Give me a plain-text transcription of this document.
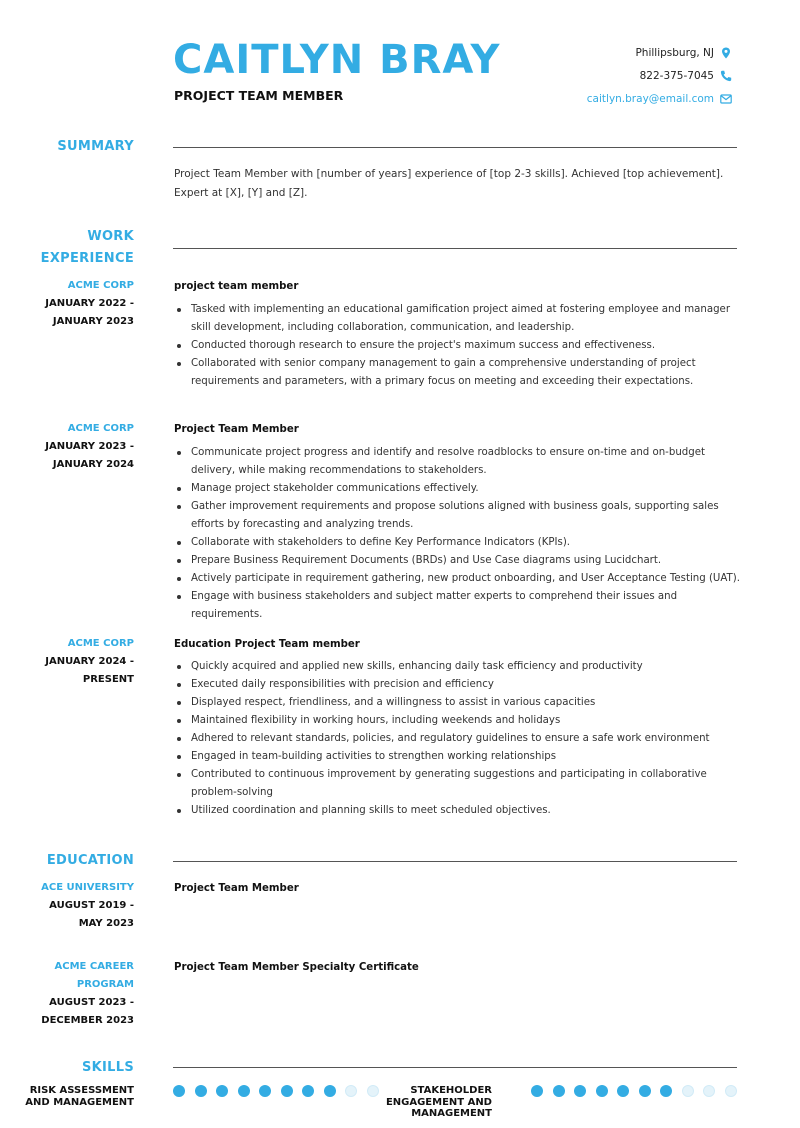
CAITLYN BRAY
PROJECT TEAM MEMBER
Phillipsburg, NJ
822-375-7045
caitlyn.bray@email.com
SUMMARY
Project Team Member with [number of years] experience of [top 2-3 skills]. Achieved [top achievement]. Expert at [X], [Y] and [Z].
WORK
EXPERIENCE
ACME CORP
JANUARY 2022 -
JANUARY 2023
project team member
Tasked with implementing an educational gamification project aimed at fostering employee and manager skill development, including collaboration, communication, and leadership.
Conducted thorough research to ensure the project's maximum success and effectiveness.
Collaborated with senior company management to gain a comprehensive understanding of project requirements and parameters, with a primary focus on meeting and exceeding their expectations.
ACME CORP
JANUARY 2023 -
JANUARY 2024
Project Team Member
Communicate project progress and identify and resolve roadblocks to ensure on-time and on-budget delivery, while making recommendations to stakeholders.
Manage project stakeholder communications effectively.
Gather improvement requirements and propose solutions aligned with business goals, supporting sales efforts by forecasting and analyzing trends.
Collaborate with stakeholders to define Key Performance Indicators (KPIs).
Prepare Business Requirement Documents (BRDs) and Use Case diagrams using Lucidchart.
Actively participate in requirement gathering, new product onboarding, and User Acceptance Testing (UAT).
Engage with business stakeholders and subject matter experts to comprehend their issues and requirements.
ACME CORP
JANUARY 2024 -
PRESENT
Education Project Team member
Quickly acquired and applied new skills, enhancing daily task efficiency and productivity
Executed daily responsibilities with precision and efficiency
Displayed respect, friendliness, and a willingness to assist in various capacities
Maintained flexibility in working hours, including weekends and holidays
Adhered to relevant standards, policies, and regulatory guidelines to ensure a safe work environment
Engaged in team-building activities to strengthen working relationships
Contributed to continuous improvement by generating suggestions and participating in collaborative problem-solving
Utilized coordination and planning skills to meet scheduled objectives.
EDUCATION
ACE UNIVERSITY
AUGUST 2019 -
MAY 2023
Project Team Member
ACME CAREER
PROGRAM
AUGUST 2023 -
DECEMBER 2023
Project Team Member Specialty Certificate
SKILLS
RISK ASSESSMENT
AND MANAGEMENT
STAKEHOLDER
ENGAGEMENT AND
MANAGEMENT
